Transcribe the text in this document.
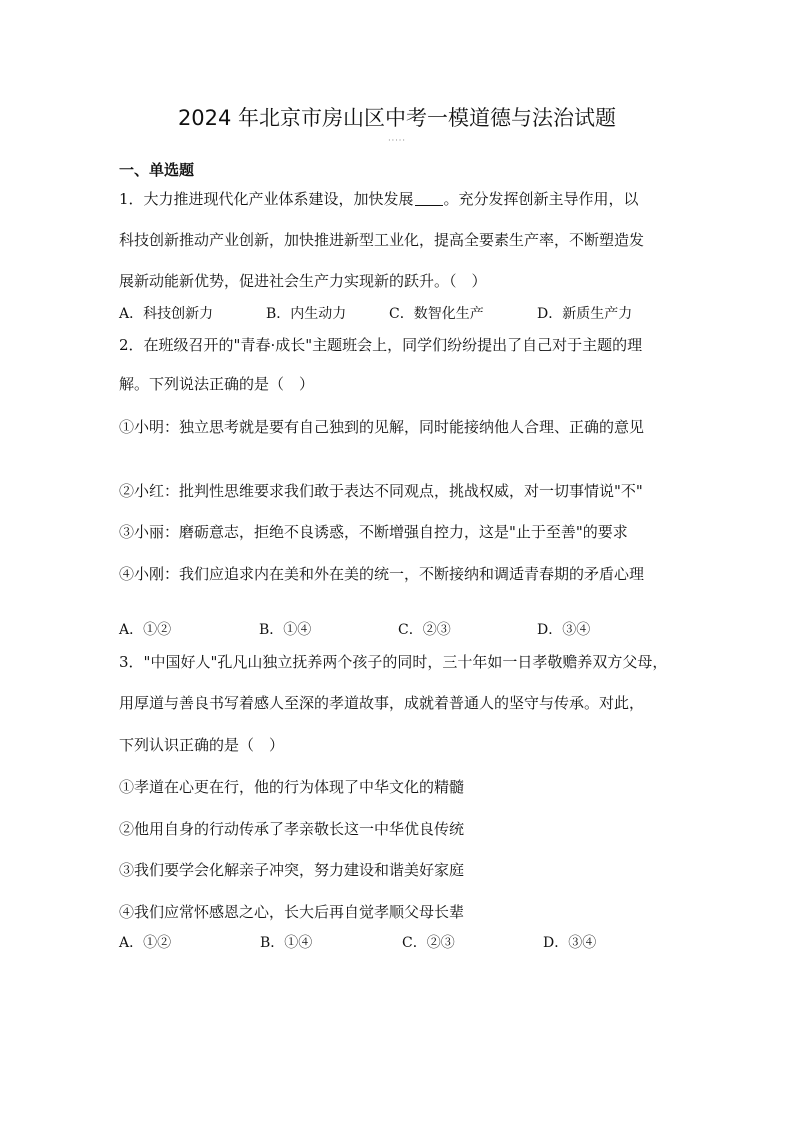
2024 年北京市房山区中考一模道德与法治试题
·····
一、单选题
1．大力推进现代化产业体系建设，加快发展 。充分发挥创新主导作用，以
科技创新推动产业创新，加快推进新型工业化，提高全要素生产率，不断塑造发
展新动能新优势，促进社会生产力实现新的跃升。（　）
A．科技创新力	B．内生动力	C．数智化生产	D．新质生产力
2．在班级召开的"青春·成长"主题班会上，同学们纷纷提出了自己对于主题的理
解。下列说法正确的是（　）
①小明：独立思考就是要有自己独到的见解，同时能接纳他人合理、正确的意见
②小红：批判性思维要求我们敢于表达不同观点，挑战权威，对一切事情说"不"
③小丽：磨砺意志，拒绝不良诱惑，不断增强自控力，这是"止于至善"的要求
④小刚：我们应追求内在美和外在美的统一，不断接纳和调适青春期的矛盾心理
A．①②	B．①④	C．②③	D．③④
3．"中国好人"孔凡山独立抚养两个孩子的同时，三十年如一日孝敬赡养双方父母，
用厚道与善良书写着感人至深的孝道故事，成就着普通人的坚守与传承。对此，
下列认识正确的是（　）
①孝道在心更在行，他的行为体现了中华文化的精髓
②他用自身的行动传承了孝亲敬长这一中华优良传统
③我们要学会化解亲子冲突，努力建设和谐美好家庭
④我们应常怀感恩之心，长大后再自觉孝顺父母长辈
A．①②	B．①④	C．②③	D．③④
